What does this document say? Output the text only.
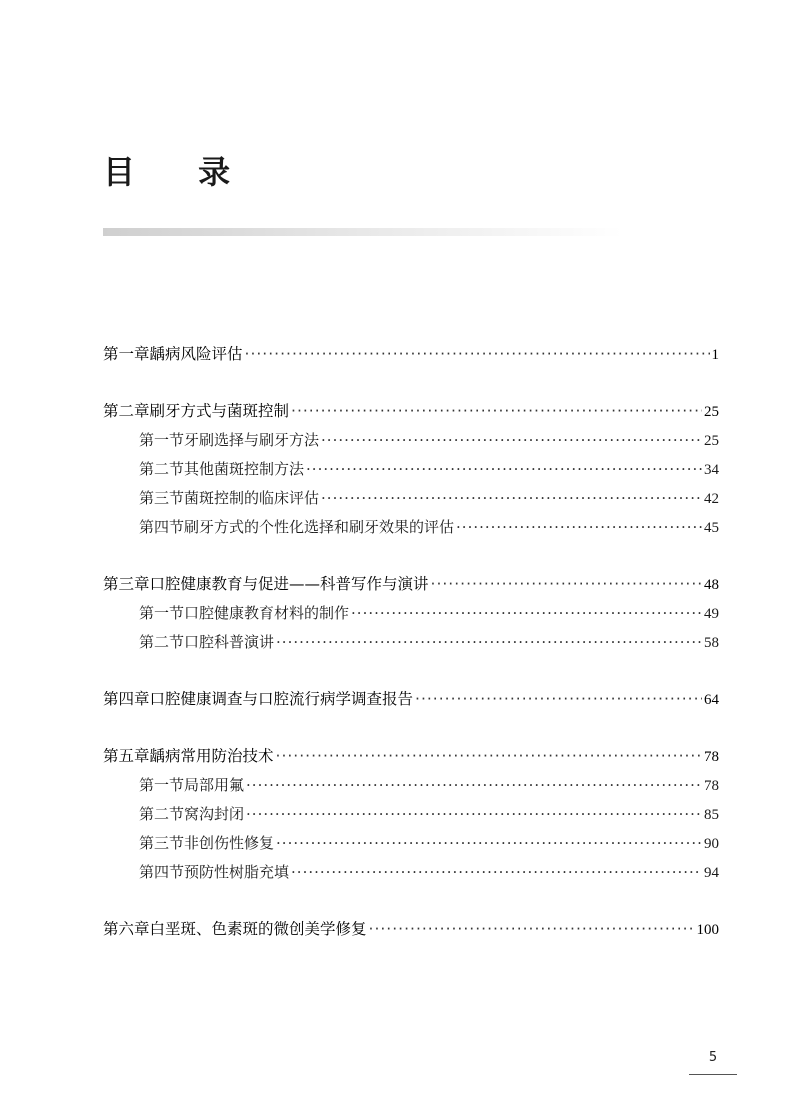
目 录
第一章 龋病风险评估 ·····	1
第二章 刷牙方式与菌斑控制 ·····	25
第一节 牙刷选择与刷牙方法 ·····	25
第二节 其他菌斑控制方法 ·····	34
第三节 菌斑控制的临床评估 ·····	42
第四节 刷牙方式的个性化选择和刷牙效果的评估 ·····	45
第三章 口腔健康教育与促进——科普写作与演讲 ·····	48
第一节 口腔健康教育材料的制作 ·····	49
第二节 口腔科普演讲 ·····	58
第四章 口腔健康调查与口腔流行病学调查报告 ·····	64
第五章 龋病常用防治技术 ·····	78
第一节 局部用氟 ·····	78
第二节 窝沟封闭 ·····	85
第三节 非创伤性修复 ·····	90
第四节 预防性树脂充填 ·····	94
第六章 白垩斑、色素斑的微创美学修复 ·····	100
5
